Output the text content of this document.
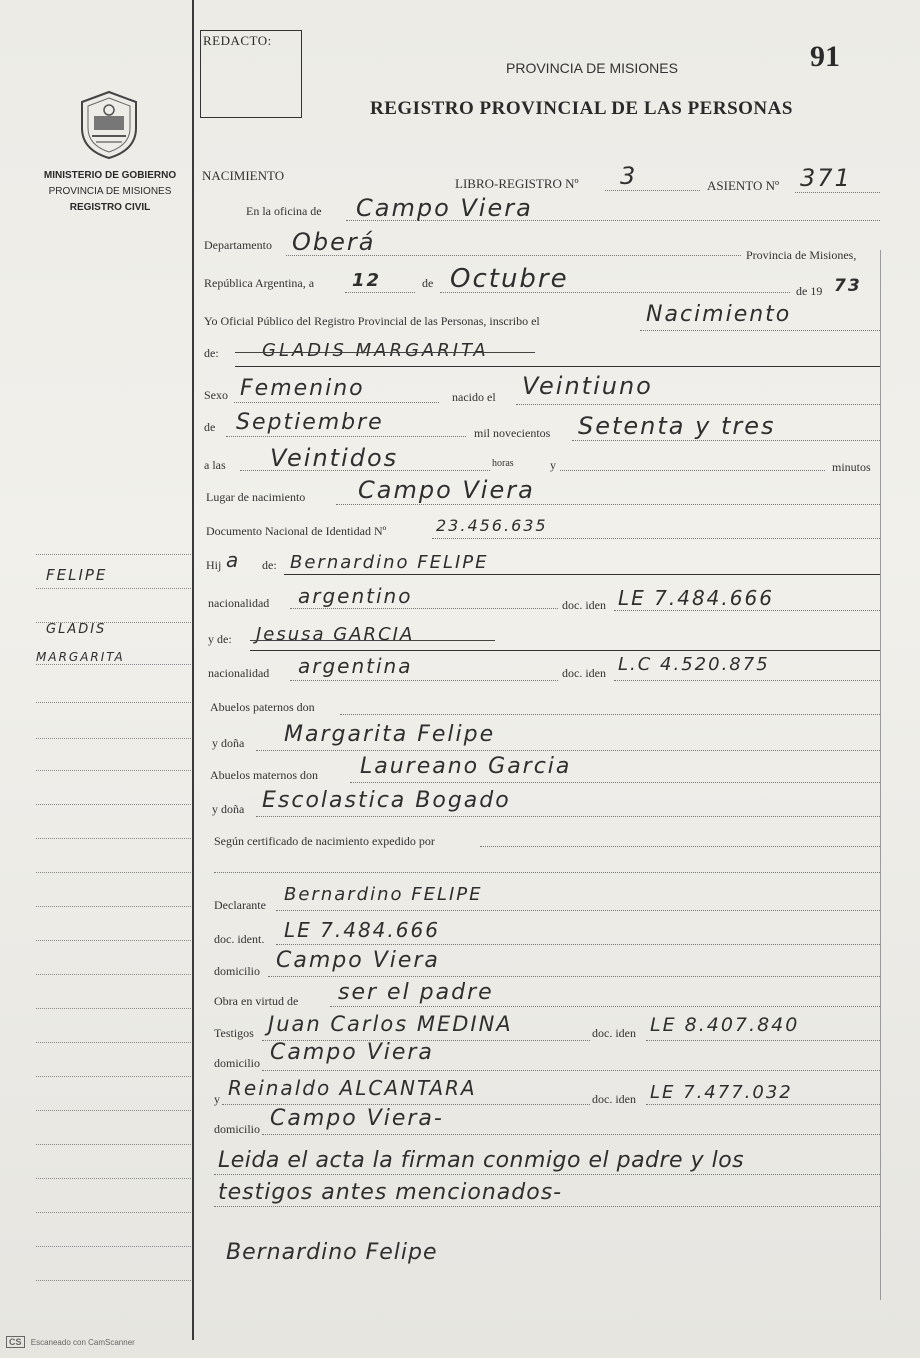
REDACTO:
PROVINCIA DE MISIONES
REGISTRO PROVINCIAL DE LAS PERSONAS
91
MINISTERIO DE GOBIERNO
PROVINCIA DE MISIONES
REGISTRO CIVIL
FELIPE
GLADIS
MARGARITA
NACIMIENTO
LIBRO-REGISTRO Nº 3	ASIENTO Nº 371
En la oficina de Campo Viera
Departamento Oberá	Provincia de Misiones,
República Argentina, a 12	de Octubre	de 19 73
Yo Oficial Público del Registro Provincial de las Personas, inscribo el	Nacimiento
de: GLADIS MARGARITA
Sexo Femenino	nacido el Veintiuno
de Septiembre	mil novecientos Setenta y tres
a las Veintidos	horas	y	minutos
Lugar de nacimiento Campo Viera
Documento Nacional de Identidad Nº	23.456.635
Hij a de: Bernardino FELIPE
nacionalidad argentino	doc. iden LE 7.484.666
y de: Jesusa GARCIA
nacionalidad argentina	doc. iden L.C 4.520.875
Abuelos paternos don
y doña Margarita Felipe
Abuelos maternos don Laureano Garcia
y doña Escolastica Bogado
Según certificado de nacimiento expedido por
Declarante Bernardino FELIPE
doc. ident. LE 7.484.666
domicilio Campo Viera
Obra en virtud de ser el padre
Testigos Juan Carlos MEDINA	doc. iden LE 8.407.840
domicilio Campo Viera
y Reinaldo ALCANTARA	doc. iden LE 7.477.032
domicilio Campo Viera-
Leida el acta la firman conmigo el padre y los
testigos antes mencionados-
Bernardino Felipe
CS Escaneado con CamScanner
